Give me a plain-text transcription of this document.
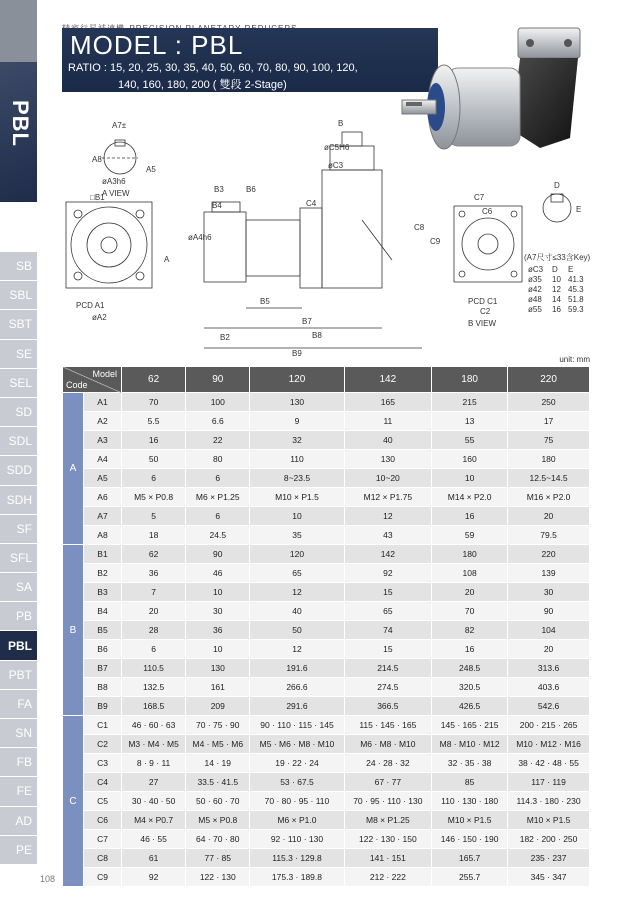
PBL
SB
SBL
SBT
SE
SEL
SD
SDL
SDD
SDH
SF
SFL
SA
PB
PBL
PBT
FA
SN
FB
FE
AD
PE
MODEL : PBL
RATIO : 15, 20, 25, 30, 35, 40, 50, 60, 70, 80, 90, 100, 120,
140, 160, 180, 200 ( 雙段 2-Stage)
A7±
A8
øA3h6
A5
A VIEW
□B1
B3	B6
B4
øA4h6
A
PCD A1
øA2
B5
B2
B7
B8
B9
B
øC3
øC5H6
C4
C8
C9
C7
C6
PCD C1
C2
B VIEW
D
E
(A7尺寸≤33含Key)
øC3 D E
ø35 10 41.3
ø42 12 45.3
ø48 14 51.8
ø55 16 59.3
unit: mm
Model
Code		62	90	120	142	180	220
A	A1	70	100	130	165	215	250
	A2	5.5	6.6	9	11	13	17
	A3	16	22	32	40	55	75
	A4	50	80	110	130	160	180
	A5	6	6	8~23.5	10~20	10	12.5~14.5
	A6	M5 × P0.8	M6 × P1.25	M10 × P1.5	M12 × P1.75	M14 × P2.0	M16 × P2.0
	A7	5	6	10	12	16	20
	A8	18	24.5	35	43	59	79.5
B	B1	62	90	120	142	180	220
	B2	36	46	65	92	108	139
	B3	7	10	12	15	20	30
	B4	20	30	40	65	70	90
	B5	28	36	50	74	82	104
	B6	6	10	12	15	16	20
	B7	110.5	130	191.6	214.5	248.5	313.6
	B8	132.5	161	266.6	274.5	320.5	403.6
	B9	168.5	209	291.6	366.5	426.5	542.6
C	C1	46 · 60 · 63	70 · 75 · 90	90 · 110 · 115 · 145	115 · 145 · 165	145 · 165 · 215	200 · 215 · 265
	C2	M3 · M4 · M5	M4 · M5 · M6	M5 · M6 · M8 · M10	M6 · M8 · M10	M8 · M10 · M12	M10 · M12 · M16
	C3	8 · 9 · 11	14 · 19	19 · 22 · 24	24 · 28 · 32	32 · 35 · 38	38 · 42 · 48 · 55
	C4	27	33.5 · 41.5	53 · 67.5	67 · 77	85	117 · 119
	C5	30 · 40 · 50	50 · 60 · 70	70 · 80 · 95 · 110	70 · 95 · 110 · 130	110 · 130 · 180	114.3 · 180 · 230
	C6	M4 × P0.7	M5 × P0.8	M6 × P1.0	M8 × P1.25	M10 × P1.5	M10 × P1.5
	C7	46 · 55	64 · 70 · 80	92 · 110 · 130	122 · 130 · 150	146 · 150 · 190	182 · 200 · 250
	C8	61	77 · 85	115.3 · 129.8	141 · 151	165.7	235 · 237
	C9	92	122 · 130	175.3 · 189.8	212 · 222	255.7	345 · 347
108
